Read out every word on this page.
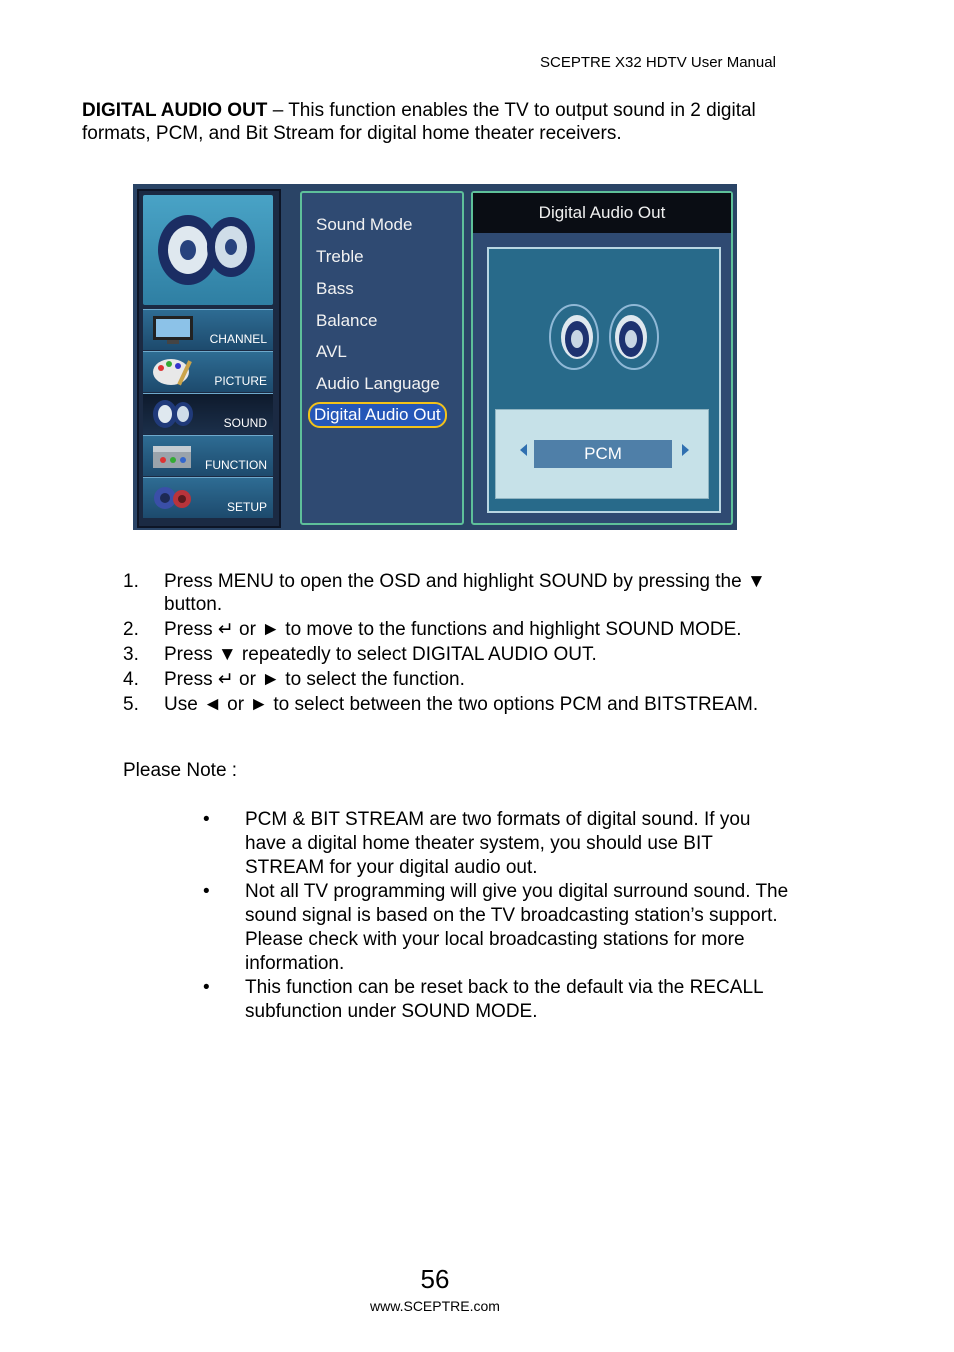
SCEPTRE X32 HDTV User Manual
DIGITAL AUDIO OUT – This function enables the TV to output sound in 2 digital formats, PCM, and Bit Stream for digital home theater receivers.
CHANNEL
PICTURE
SOUND
FUNCTION
SETUP
Sound Mode
Treble
Bass
Balance
AVL
Audio Language
Digital Audio Out
Digital Audio Out
PCM
1. Press MENU to open the OSD and highlight SOUND by pressing the ▼ button.
2. Press ↵ or ► to move to the functions and highlight SOUND MODE.
3. Press ▼ repeatedly to select DIGITAL AUDIO OUT.
4. Press ↵ or ► to select the function.
5. Use ◄ or ► to select between the two options PCM and BITSTREAM.
Please Note :
• PCM & BIT STREAM are two formats of digital sound. If you have a digital home theater system, you should use BIT STREAM for your digital audio out.
• Not all TV programming will give you digital surround sound. The sound signal is based on the TV broadcasting station’s support. Please check with your local broadcasting stations for more information.
• This function can be reset back to the default via the RECALL subfunction under SOUND MODE.
56
www.SCEPTRE.com
